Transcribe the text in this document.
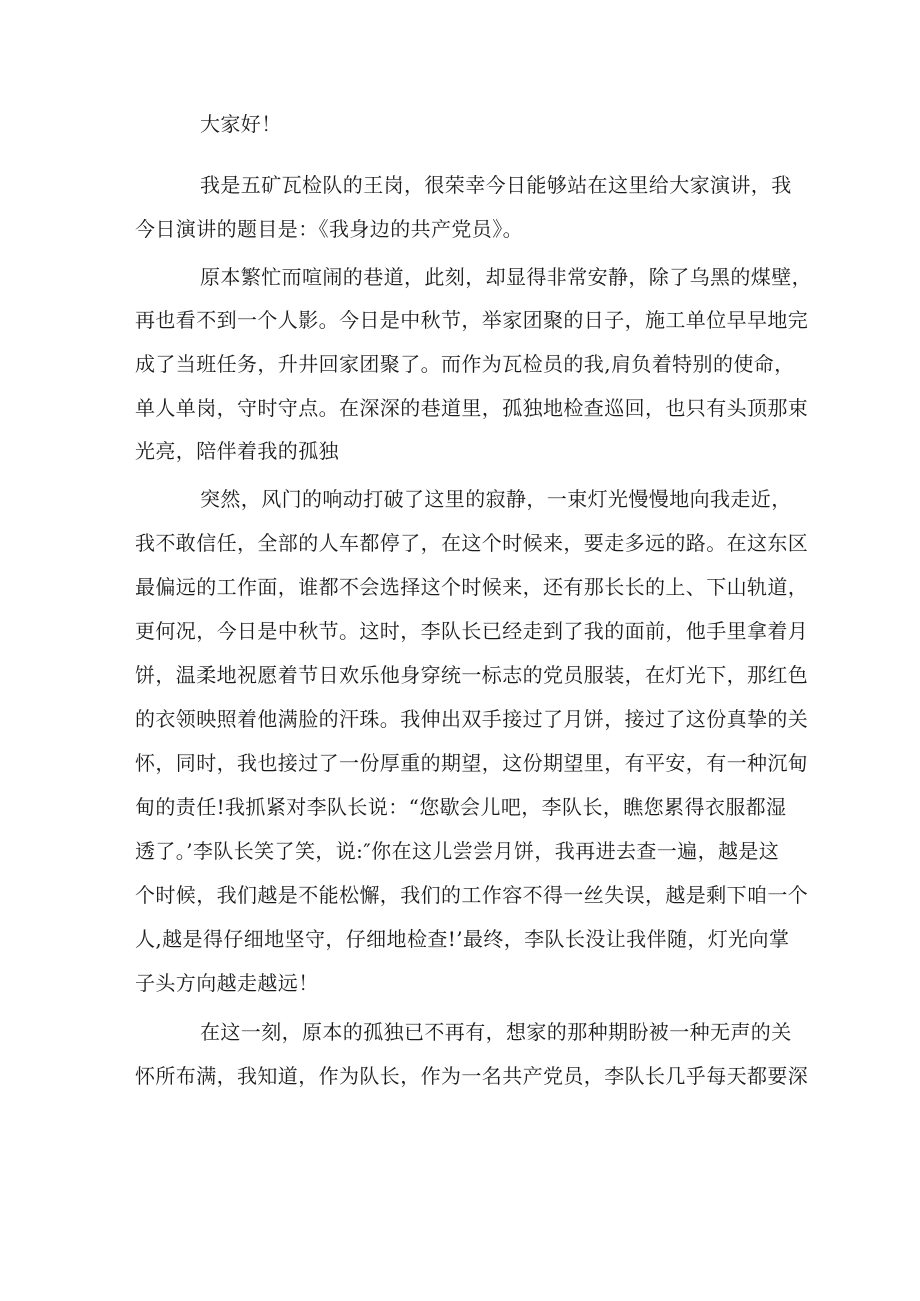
大家好！
我是五矿瓦检队的王岗，很荣幸今日能够站在这里给大家演讲，我
今日演讲的题目是：《我身边的共产党员》。
原本繁忙而喧闹的巷道，此刻，却显得非常安静，除了乌黑的煤壁，
再也看不到一个人影。今日是中秋节，举家团聚的日子，施工单位早早地完
成了当班任务，升井回家团聚了。而作为瓦检员的我,肩负着特别的使命，
单人单岗，守时守点。在深深的巷道里，孤独地检查巡回，也只有头顶那束
光亮，陪伴着我的孤独
突然，风门的响动打破了这里的寂静，一束灯光慢慢地向我走近，
我不敢信任，全部的人车都停了，在这个时候来，要走多远的路。在这东区
最偏远的工作面，谁都不会选择这个时候来，还有那长长的上、下山轨道，
更何况，今日是中秋节。这时，李队长已经走到了我的面前，他手里拿着月
饼，温柔地祝愿着节日欢乐他身穿统一标志的党员服装，在灯光下，那红色
的衣领映照着他满脸的汗珠。我伸出双手接过了月饼，接过了这份真挚的关
怀，同时，我也接过了一份厚重的期望，这份期望里，有平安，有一种沉甸
甸的责任!我抓紧对李队长说：“您歇会儿吧，李队长，瞧您累得衣服都湿
透了。’李队长笑了笑，说:″你在这儿尝尝月饼，我再进去查一遍，越是这
个时候，我们越是不能松懈，我们的工作容不得一丝失误，越是剩下咱一个
人,越是得仔细地坚守，仔细地检查!’最终，李队长没让我伴随，灯光向掌
子头方向越走越远！
在这一刻，原本的孤独已不再有，想家的那种期盼被一种无声的关
怀所布满，我知道，作为队长，作为一名共产党员，李队长几乎每天都要深
